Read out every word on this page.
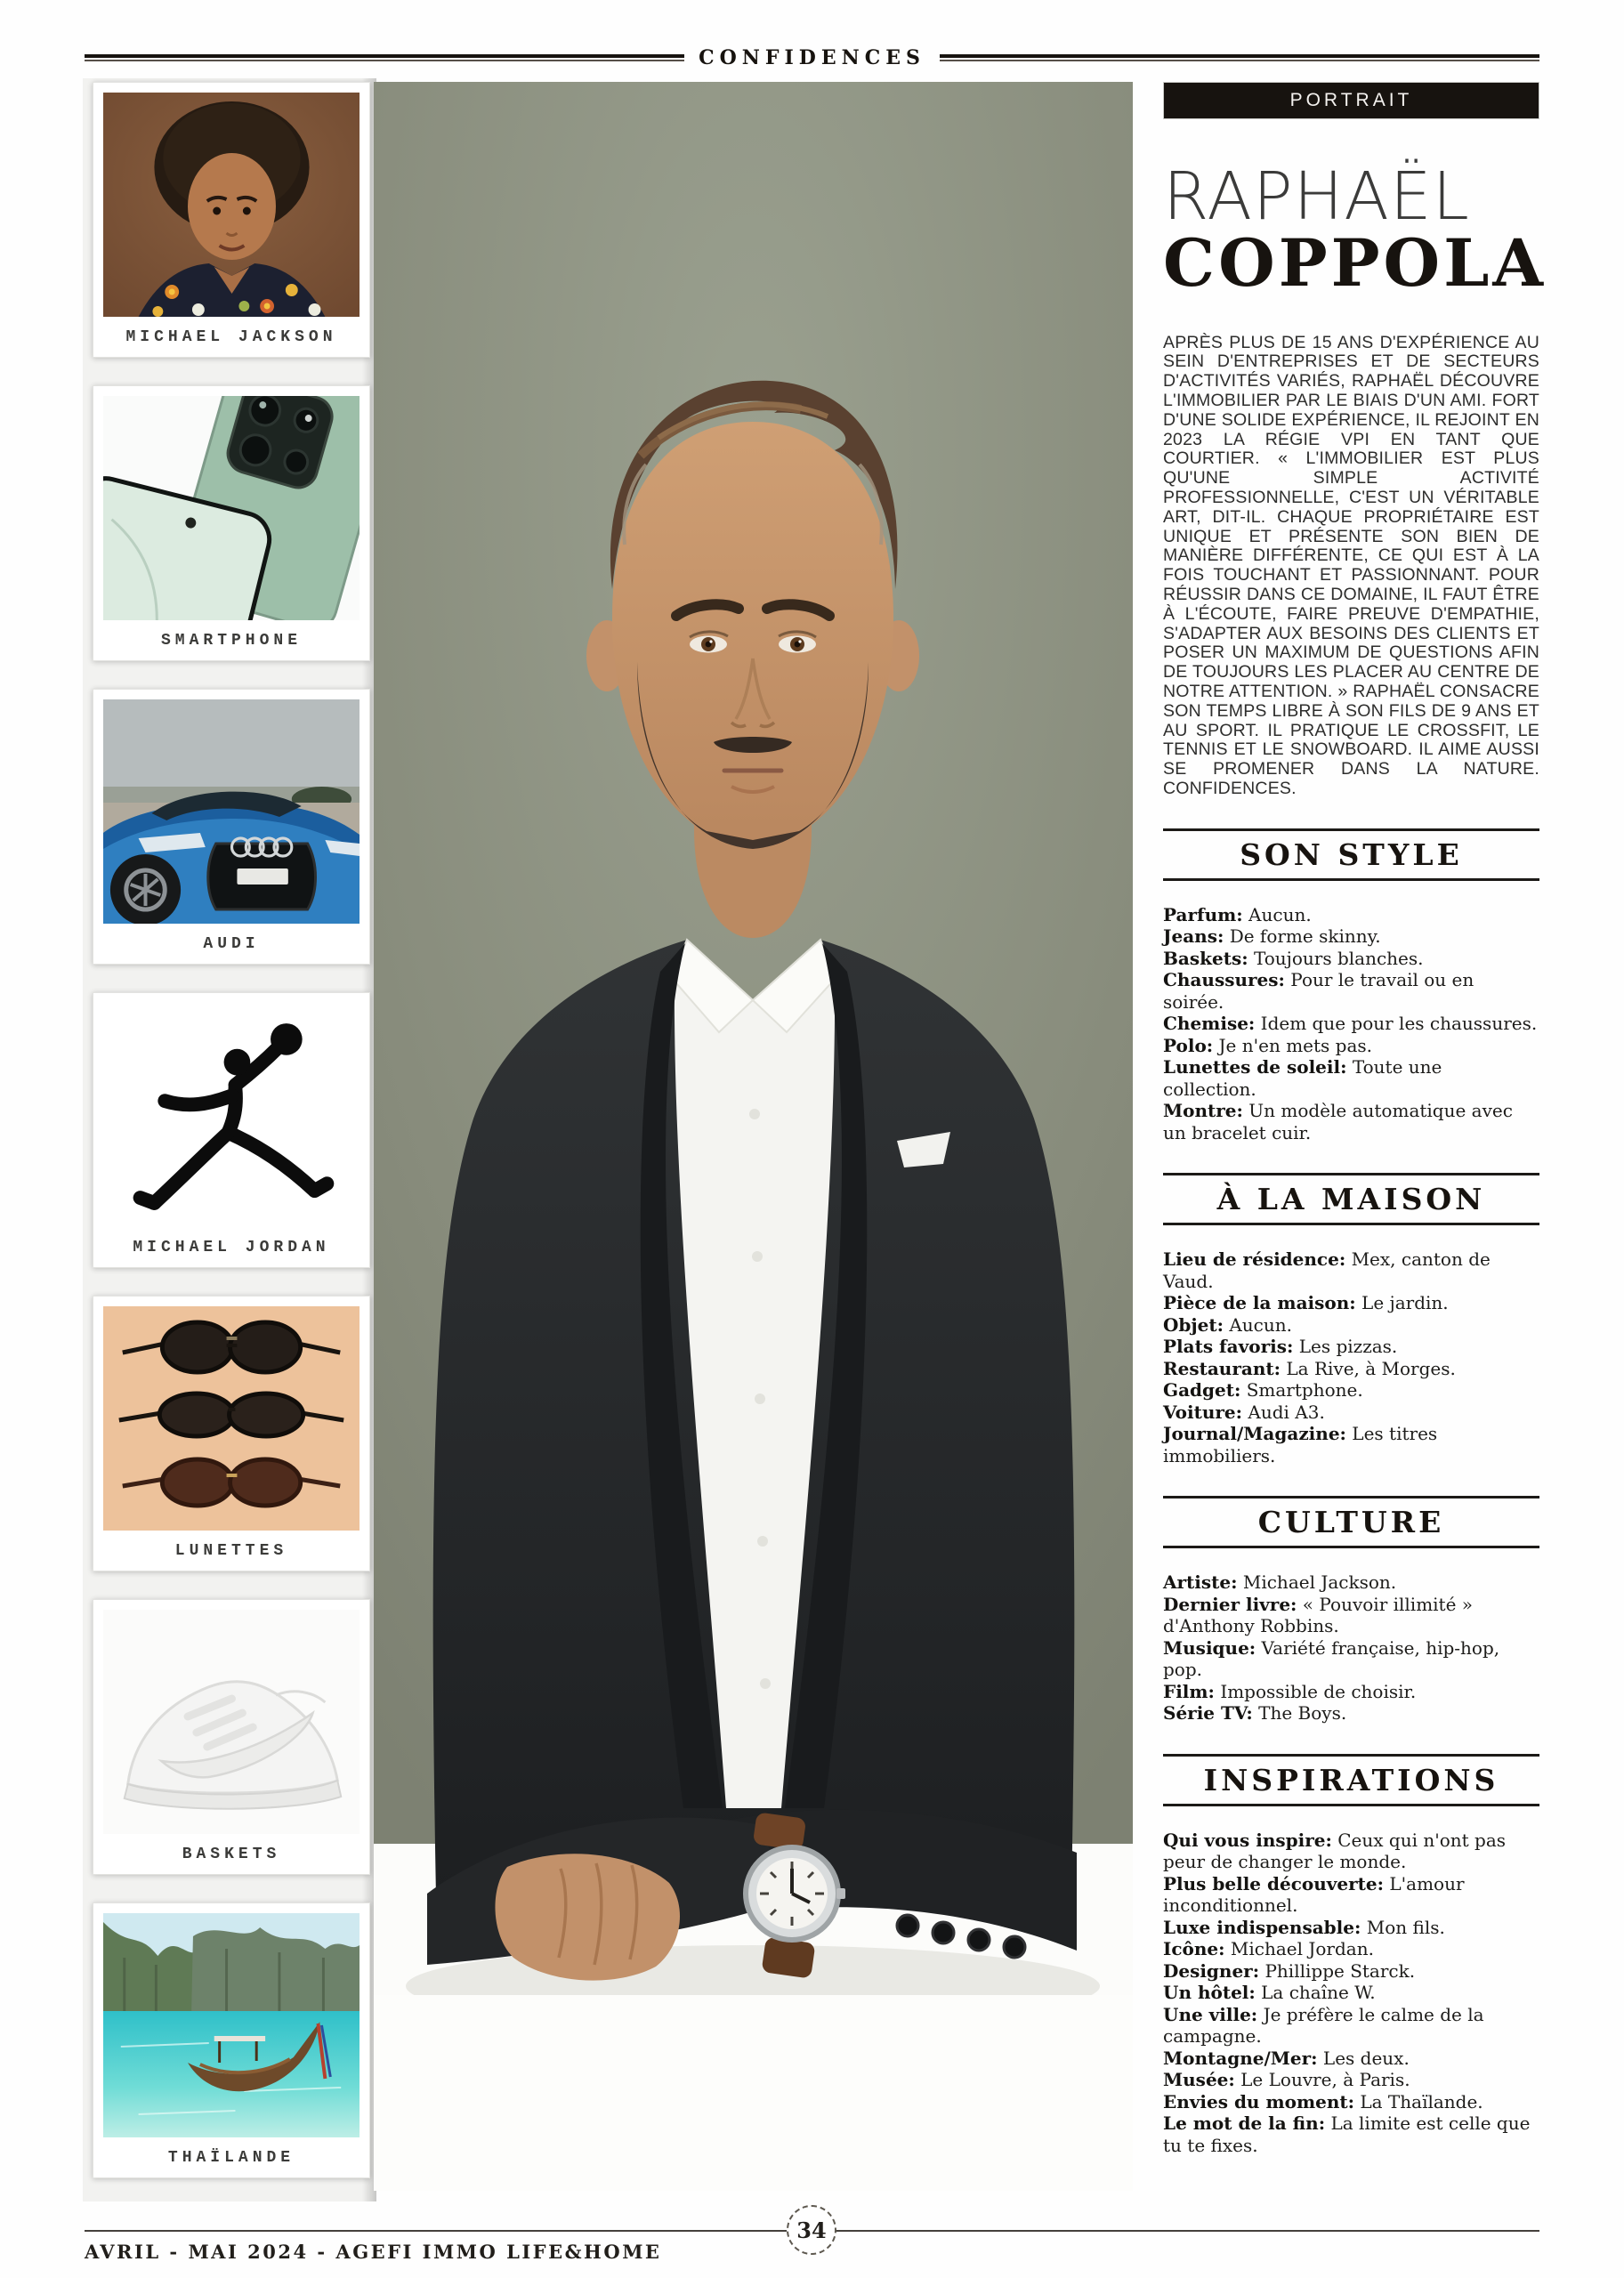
CONFIDENCES
MICHAEL JACKSON
SMARTPHONE
AUDI
MICHAEL JORDAN
LUNETTES
BASKETS
THAÏLANDE
PORTRAIT
RAPHAËL
COPPOLA
APRÈS PLUS DE 15 ANS D'EXPÉRIENCE AU SEIN D'ENTREPRISES ET DE SECTEURS D'ACTIVITÉS VARIÉS, RAPHAËL DÉCOUVRE L'IMMOBILIER PAR LE BIAIS D'UN AMI. FORT D'UNE SOLIDE EXPÉRIENCE, IL REJOINT EN 2023 LA RÉGIE VPI EN TANT QUE COURTIER. « L'IMMOBILIER EST PLUS QU'UNE SIMPLE ACTIVITÉ PROFESSIONNELLE, C'EST UN VÉRITABLE ART, DIT-IL. CHAQUE PROPRIÉTAIRE EST UNIQUE ET PRÉSENTE SON BIEN DE MANIÈRE DIFFÉRENTE, CE QUI EST À LA FOIS TOUCHANT ET PASSIONNANT. POUR RÉUSSIR DANS CE DOMAINE, IL FAUT ÊTRE À L'ÉCOUTE, FAIRE PREUVE D'EMPATHIE, S'ADAPTER AUX BESOINS DES CLIENTS ET POSER UN MAXIMUM DE QUESTIONS AFIN DE TOUJOURS LES PLACER AU CENTRE DE NOTRE ATTENTION. » RAPHAËL CONSACRE SON TEMPS LIBRE À SON FILS DE 9 ANS ET AU SPORT. IL PRATIQUE LE CROSSFIT, LE TENNIS ET LE SNOWBOARD. IL AIME AUSSI SE PROMENER DANS LA NATURE. CONFIDENCES.
SON STYLE
Parfum: Aucun.
Jeans: De forme skinny.
Baskets: Toujours blanches.
Chaussures: Pour le travail ou en soirée.
Chemise: Idem que pour les chaussures.
Polo: Je n'en mets pas.
Lunettes de soleil: Toute une collection.
Montre: Un modèle automatique avec un bracelet cuir.
À LA MAISON
Lieu de résidence: Mex, canton de Vaud.
Pièce de la maison: Le jardin.
Objet: Aucun.
Plats favoris: Les pizzas.
Restaurant: La Rive, à Morges.
Gadget: Smartphone.
Voiture: Audi A3.
Journal/Magazine: Les titres immobiliers.
CULTURE
Artiste: Michael Jackson.
Dernier livre: « Pouvoir illimité » d'Anthony Robbins.
Musique: Variété française, hip-hop, pop.
Film: Impossible de choisir.
Série TV: The Boys.
INSPIRATIONS
Qui vous inspire: Ceux qui n'ont pas peur de changer le monde.
Plus belle découverte: L'amour inconditionnel.
Luxe indispensable: Mon fils.
Icône: Michael Jordan.
Designer: Phillippe Starck.
Un hôtel: La chaîne W.
Une ville: Je préfère le calme de la campagne.
Montagne/Mer: Les deux.
Musée: Le Louvre, à Paris.
Envies du moment: La Thaïlande.
Le mot de la fin: La limite est celle que tu te fixes.
34
AVRIL - MAI 2024 - AGEFI IMMO LIFE&HOME
